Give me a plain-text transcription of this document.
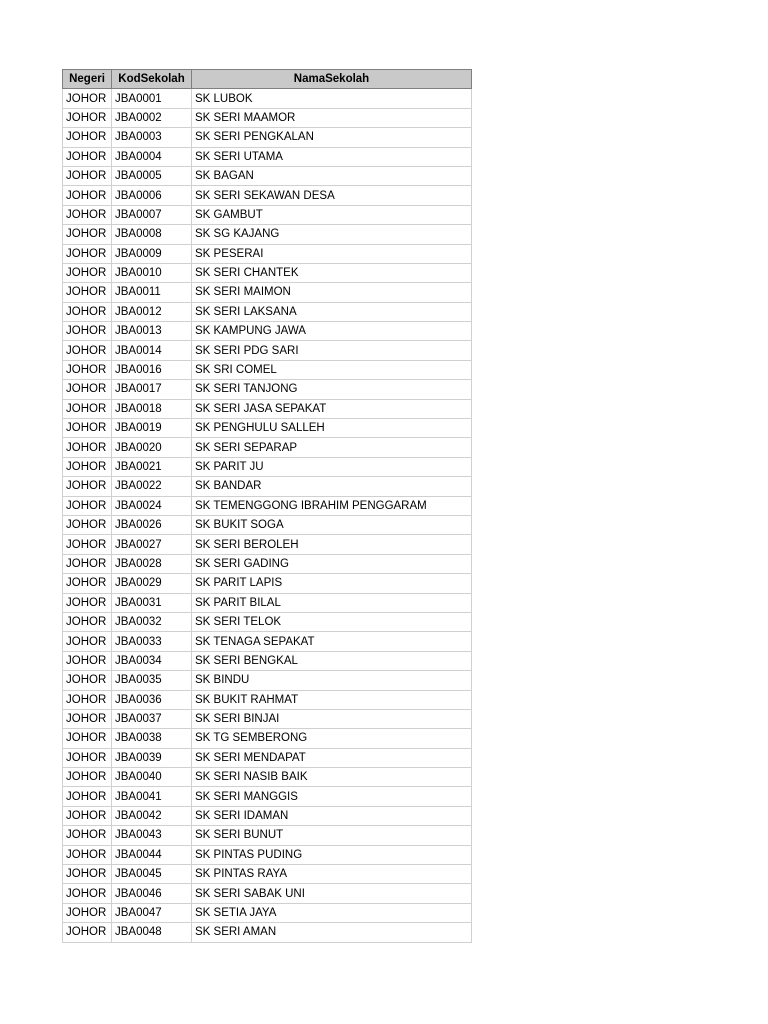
Negeri	KodSekolah	NamaSekolah
JOHOR	JBA0001	SK LUBOK
JOHOR	JBA0002	SK SERI MAAMOR
JOHOR	JBA0003	SK SERI PENGKALAN
JOHOR	JBA0004	SK SERI UTAMA
JOHOR	JBA0005	SK BAGAN
JOHOR	JBA0006	SK SERI SEKAWAN DESA
JOHOR	JBA0007	SK GAMBUT
JOHOR	JBA0008	SK SG KAJANG
JOHOR	JBA0009	SK PESERAI
JOHOR	JBA0010	SK SERI CHANTEK
JOHOR	JBA0011	SK SERI MAIMON
JOHOR	JBA0012	SK SERI LAKSANA
JOHOR	JBA0013	SK KAMPUNG JAWA
JOHOR	JBA0014	SK SERI PDG SARI
JOHOR	JBA0016	SK SRI COMEL
JOHOR	JBA0017	SK SERI TANJONG
JOHOR	JBA0018	SK SERI JASA SEPAKAT
JOHOR	JBA0019	SK PENGHULU SALLEH
JOHOR	JBA0020	SK SERI SEPARAP
JOHOR	JBA0021	SK PARIT JU
JOHOR	JBA0022	SK BANDAR
JOHOR	JBA0024	SK TEMENGGONG IBRAHIM PENGGARAM
JOHOR	JBA0026	SK BUKIT SOGA
JOHOR	JBA0027	SK SERI BEROLEH
JOHOR	JBA0028	SK SERI GADING
JOHOR	JBA0029	SK PARIT LAPIS
JOHOR	JBA0031	SK PARIT BILAL
JOHOR	JBA0032	SK SERI TELOK
JOHOR	JBA0033	SK TENAGA SEPAKAT
JOHOR	JBA0034	SK SERI BENGKAL
JOHOR	JBA0035	SK BINDU
JOHOR	JBA0036	SK BUKIT RAHMAT
JOHOR	JBA0037	SK SERI BINJAI
JOHOR	JBA0038	SK TG SEMBERONG
JOHOR	JBA0039	SK SERI MENDAPAT
JOHOR	JBA0040	SK SERI NASIB BAIK
JOHOR	JBA0041	SK SERI MANGGIS
JOHOR	JBA0042	SK SERI IDAMAN
JOHOR	JBA0043	SK SERI BUNUT
JOHOR	JBA0044	SK PINTAS PUDING
JOHOR	JBA0045	SK PINTAS RAYA
JOHOR	JBA0046	SK SERI SABAK UNI
JOHOR	JBA0047	SK SETIA JAYA
JOHOR	JBA0048	SK SERI AMAN
